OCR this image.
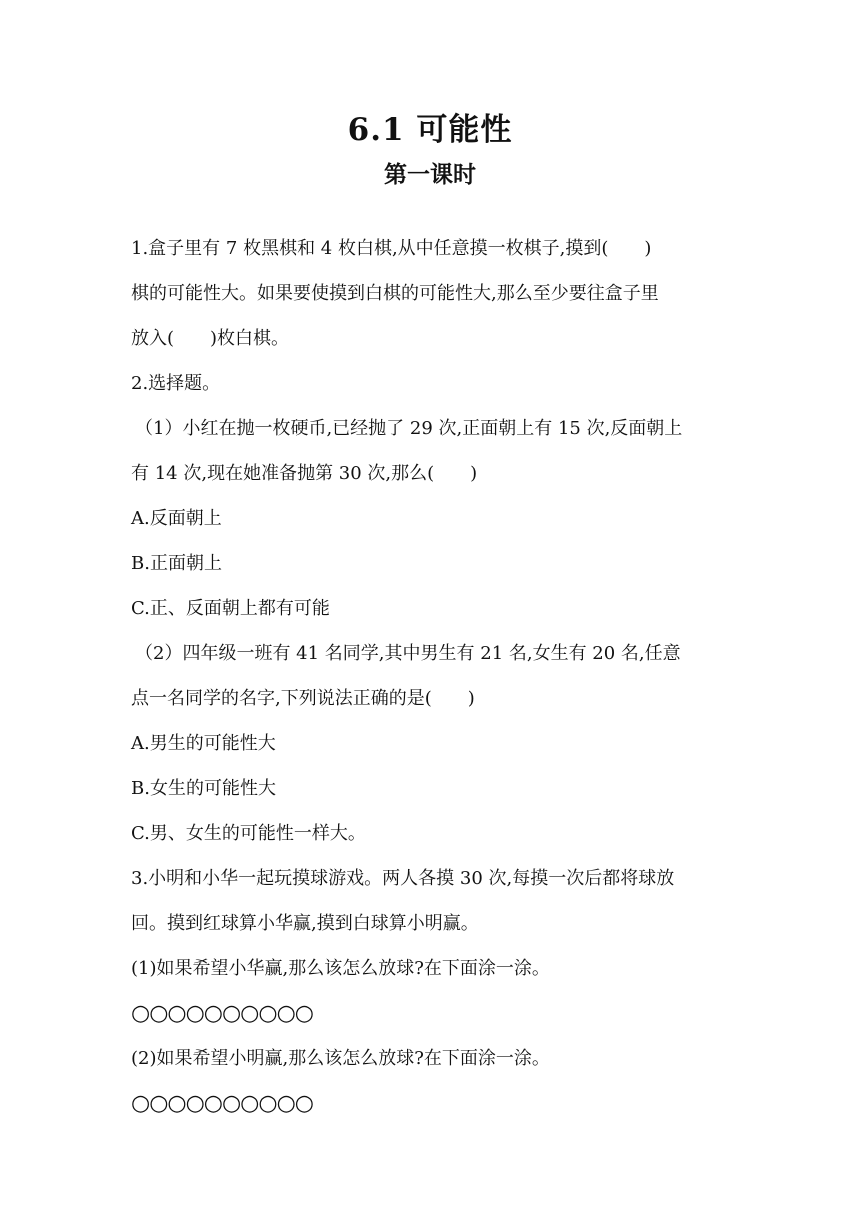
6.1 可能性
第一课时
1.盒子里有 7 枚黑棋和 4 枚白棋,从中任意摸一枚棋子,摸到(　　)
棋的可能性大。如果要使摸到白棋的可能性大,那么至少要往盒子里
放入(　　)枚白棋。
2.选择题。
（1）小红在抛一枚硬币,已经抛了 29 次,正面朝上有 15 次,反面朝上
有 14 次,现在她准备抛第 30 次,那么(　　)
A.反面朝上
B.正面朝上
C.正、反面朝上都有可能
（2）四年级一班有 41 名同学,其中男生有 21 名,女生有 20 名,任意
点一名同学的名字,下列说法正确的是(　　)
A.男生的可能性大
B.女生的可能性大
C.男、女生的可能性一样大。
3.小明和小华一起玩摸球游戏。两人各摸 30 次,每摸一次后都将球放
回。摸到红球算小华赢,摸到白球算小明赢。
(1)如果希望小华赢,那么该怎么放球?在下面涂一涂。
○○○○○○○○○○
(2)如果希望小明赢,那么该怎么放球?在下面涂一涂。
○○○○○○○○○○
